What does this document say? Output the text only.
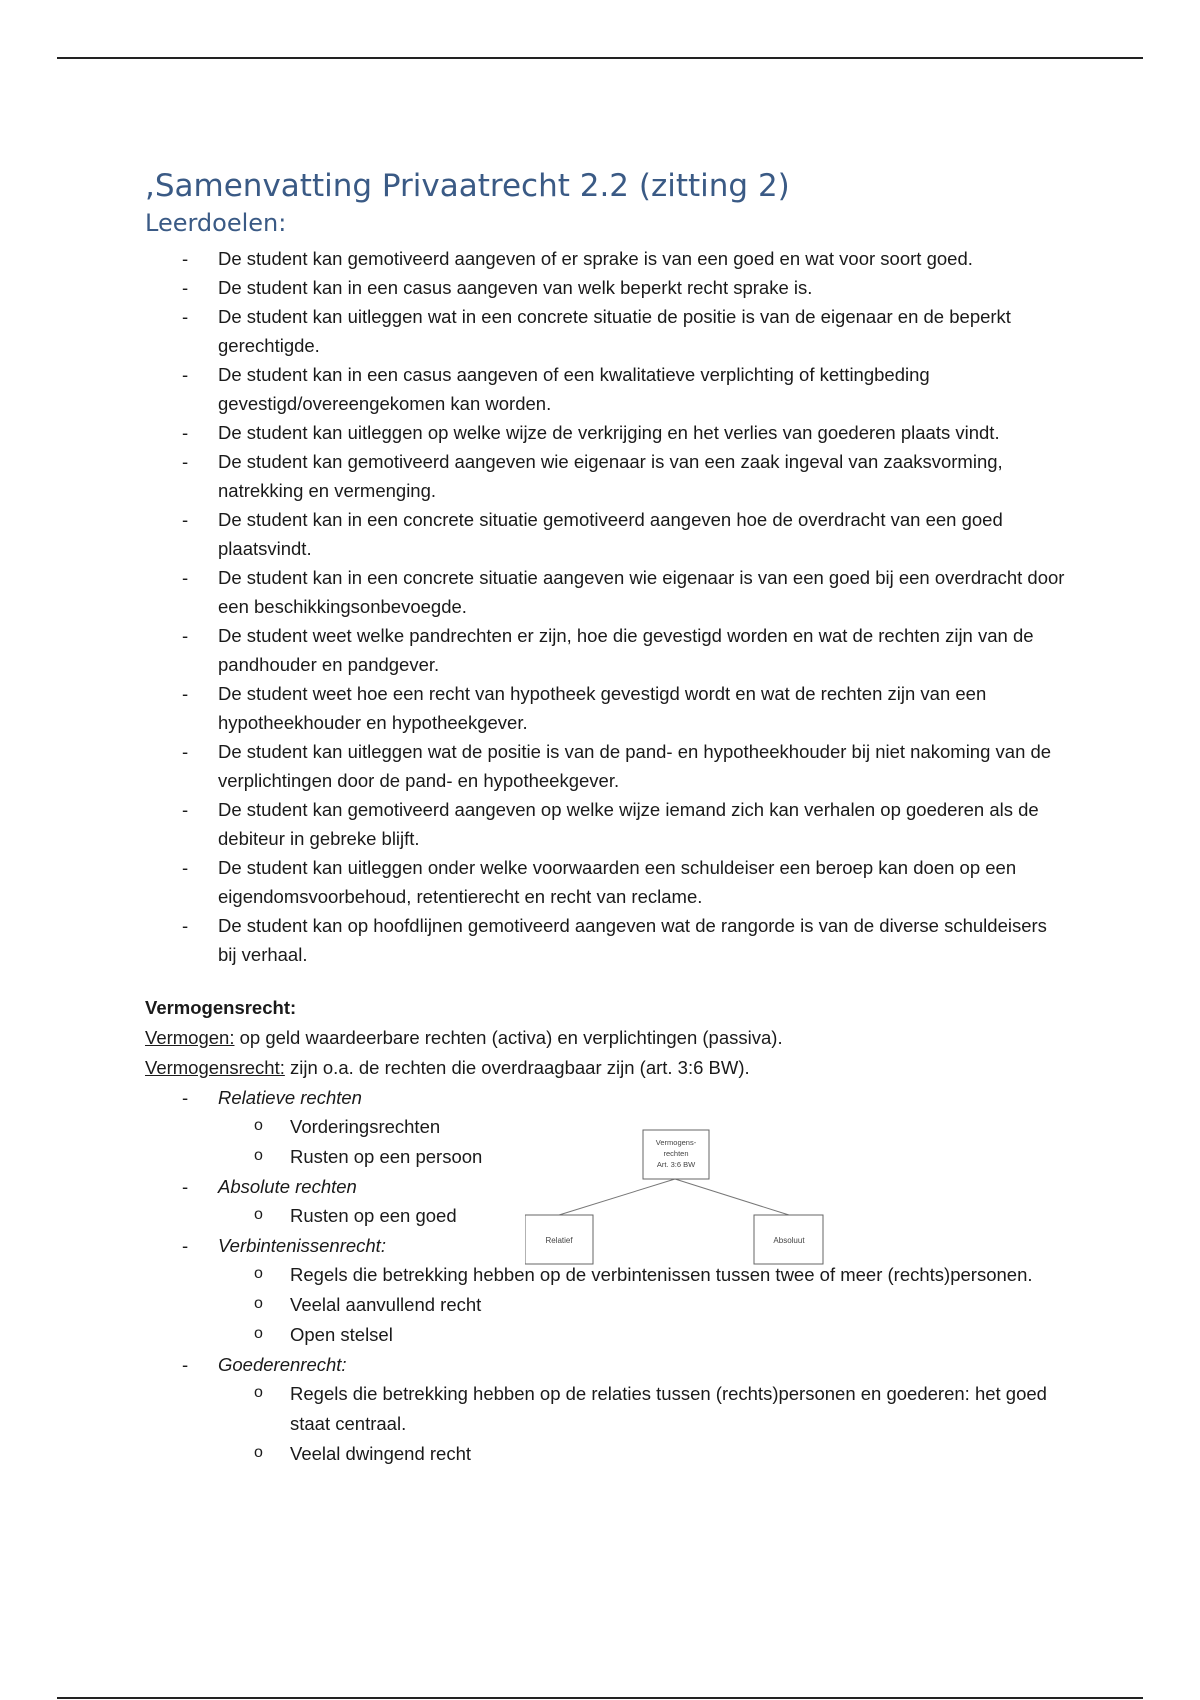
,Samenvatting Privaatrecht 2.2 (zitting 2)
Leerdoelen:
- De student kan gemotiveerd aangeven of er sprake is van een goed en wat voor soort goed.
- De student kan in een casus aangeven van welk beperkt recht sprake is.
- De student kan uitleggen wat in een concrete situatie de positie is van de eigenaar en de beperkt gerechtigde.
- De student kan in een casus aangeven of een kwalitatieve verplichting of kettingbeding gevestigd/overeengekomen kan worden.
- De student kan uitleggen op welke wijze de verkrijging en het verlies van goederen plaats vindt.
- De student kan gemotiveerd aangeven wie eigenaar is van een zaak ingeval van zaaksvorming, natrekking en vermenging.
- De student kan in een concrete situatie gemotiveerd aangeven hoe de overdracht van een goed plaatsvindt.
- De student kan in een concrete situatie aangeven wie eigenaar is van een goed bij een overdracht door een beschikkingsonbevoegde.
- De student weet welke pandrechten er zijn, hoe die gevestigd worden en wat de rechten zijn van de pandhouder en pandgever.
- De student weet hoe een recht van hypotheek gevestigd wordt en wat de rechten zijn van een hypotheekhouder en hypotheekgever.
- De student kan uitleggen wat de positie is van de pand- en hypotheekhouder bij niet nakoming van de verplichtingen door de pand- en hypotheekgever.
- De student kan gemotiveerd aangeven op welke wijze iemand zich kan verhalen op goederen als de debiteur in gebreke blijft.
- De student kan uitleggen onder welke voorwaarden een schuldeiser een beroep kan doen op een eigendomsvoorbehoud, retentierecht en recht van reclame.
- De student kan op hoofdlijnen gemotiveerd aangeven wat de rangorde is van de diverse schuldeisers bij verhaal.
Vermogensrecht:
Vermogen: op geld waardeerbare rechten (activa) en verplichtingen (passiva).
Vermogensrecht: zijn o.a. de rechten die overdraagbaar zijn (art. 3:6 BW).
- Relatieve rechten
o Vorderingsrechten
o Rusten op een persoon
- Absolute rechten
o Rusten op een goed
- Verbintenissenrecht:
o Regels die betrekking hebben op de verbintenissen tussen twee of meer (rechts)personen.
o Veelal aanvullend recht
o Open stelsel
- Goederenrecht:
o Regels die betrekking hebben op de relaties tussen (rechts)personen en goederen: het goed staat centraal.
o Veelal dwingend recht
Vermogens-
rechten
Art. 3:6 BW
Relatief	Absoluut
